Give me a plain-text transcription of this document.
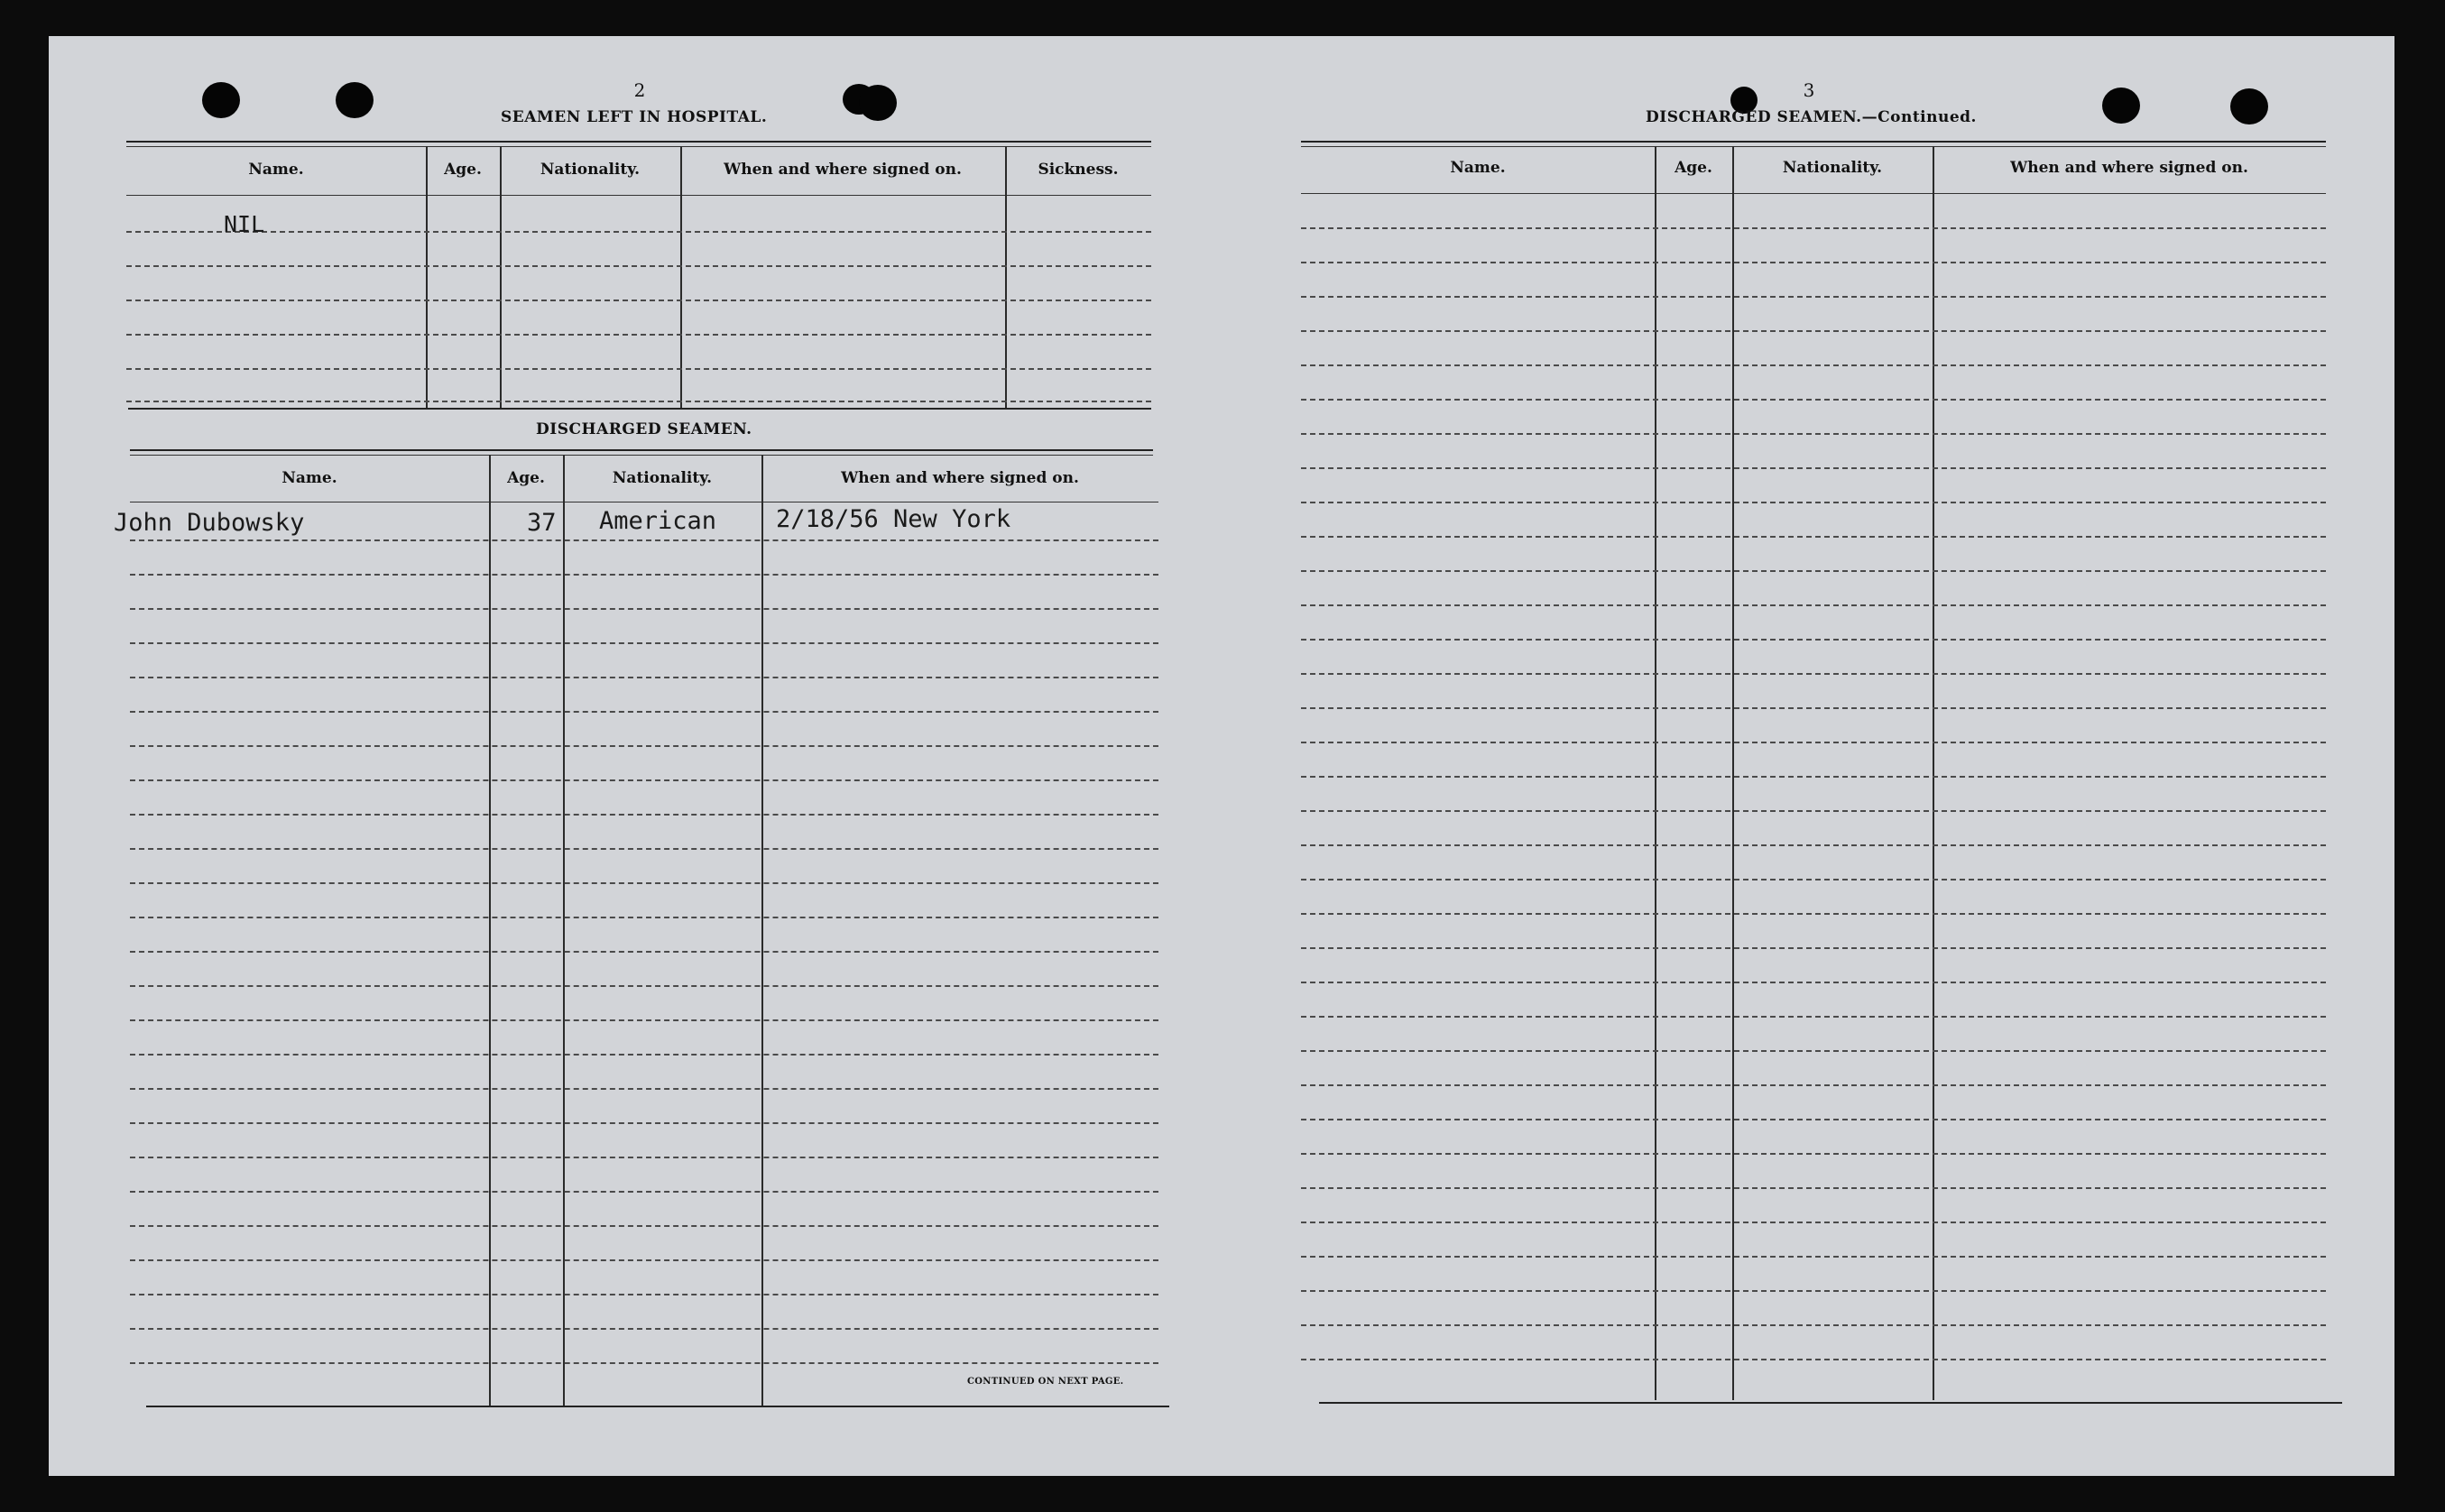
2
SEAMEN LEFT IN HOSPITAL.
Name.	Age.	Nationality.	When and where signed on.	Sickness.
NIL
DISCHARGED SEAMEN.
Name.	Age.	Nationality.	When and where signed on.
John Dubowsky	37 American 2/18/56 New York
CONTINUED ON NEXT PAGE.
3
DISCHARGED SEAMEN.—Continued.
Name.	Age.	Nationality.	When and where signed on.
